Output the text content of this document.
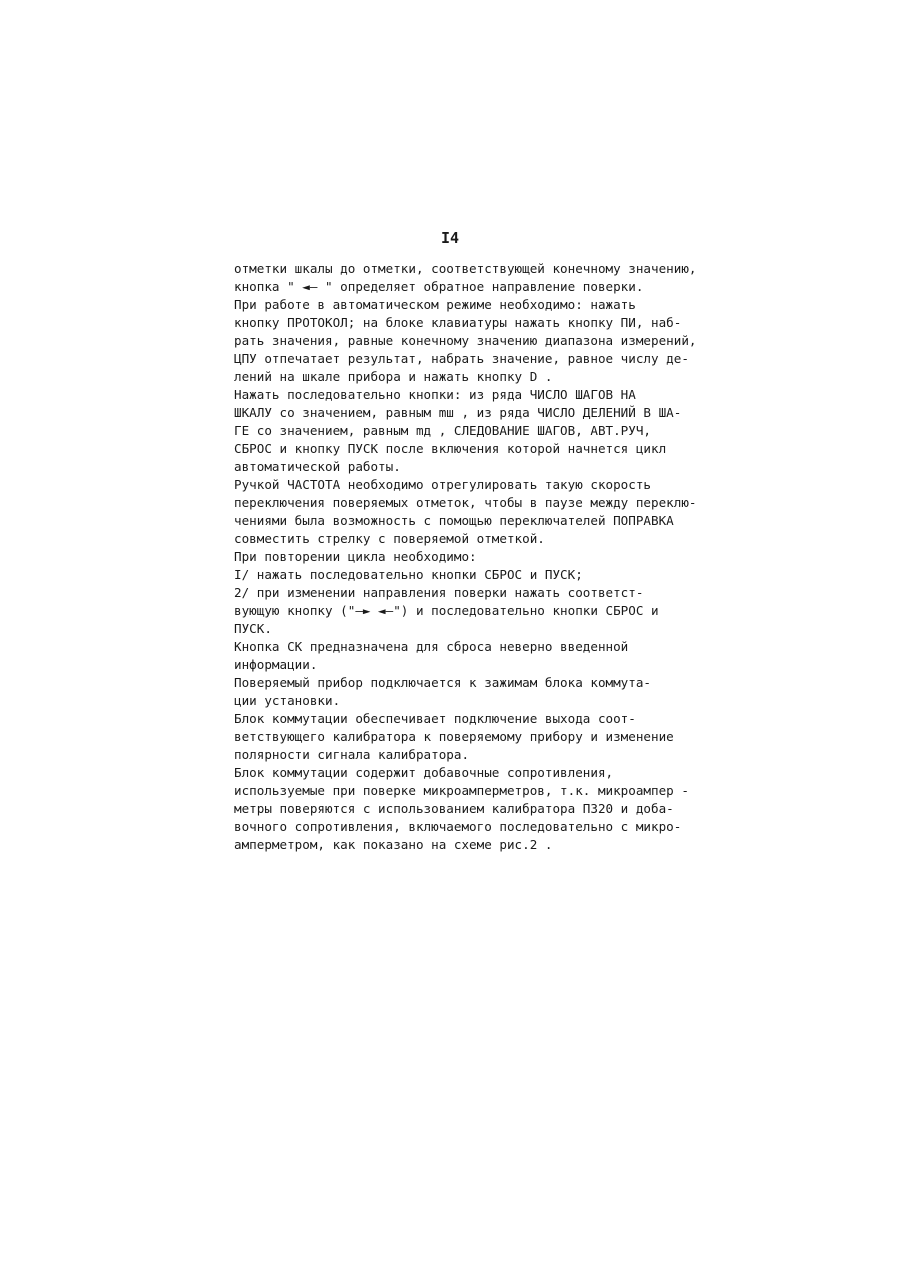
I4
отметки шкалы до отметки, соответствующей конечному значению,
кнопка " ◄— " определяет обратное направление поверки.
При работе в автоматическом режиме необходимо: нажать
кнопку ПРОТОКОЛ; на блоке клавиатуры нажать кнопку ПИ, наб-
рать значения, равные конечному значению диапазона измерений,
ЦПУ отпечатает результат, набрать значение, равное числу де-
лений на шкале прибора и нажать кнопку D .
Нажать последовательно кнопки: из ряда ЧИСЛО ШАГОВ НА
ШКАЛУ со значением, равным mш , из ряда ЧИСЛО ДЕЛЕНИЙ В ША-
ГЕ со значением, равным mд , СЛЕДОВАНИЕ ШАГОВ, АВТ.РУЧ,
СБРОС и кнопку ПУСК после включения которой начнется цикл
автоматической работы.
Ручкой ЧАСТОТА необходимо отрегулировать такую скорость
переключения поверяемых отметок, чтобы в паузе между переклю-
чениями была возможность с помощью переключателей ПОПРАВКА
совместить стрелку с поверяемой отметкой.
При повторении цикла необходимо:
I/ нажать последовательно кнопки СБРОС и ПУСК;
2/ при изменении направления поверки нажать соответст-
вующую кнопку ("—► ◄—") и последовательно кнопки СБРОС и
ПУСК.
Кнопка СК предназначена для сброса неверно введенной
информации.
Поверяемый прибор подключается к зажимам блока коммута-
ции установки.
Блок коммутации обеспечивает подключение выхода соот-
ветствующего калибратора к поверяемому прибору и изменение
полярности сигнала калибратора.
Блок коммутации содержит добавочные сопротивления,
используемые при поверке микроамперметров, т.к. микроампер -
метры поверяются с использованием калибратора П320 и доба-
вочного сопротивления, включаемого последовательно с микро-
амперметром, как показано на схеме рис.2 .
